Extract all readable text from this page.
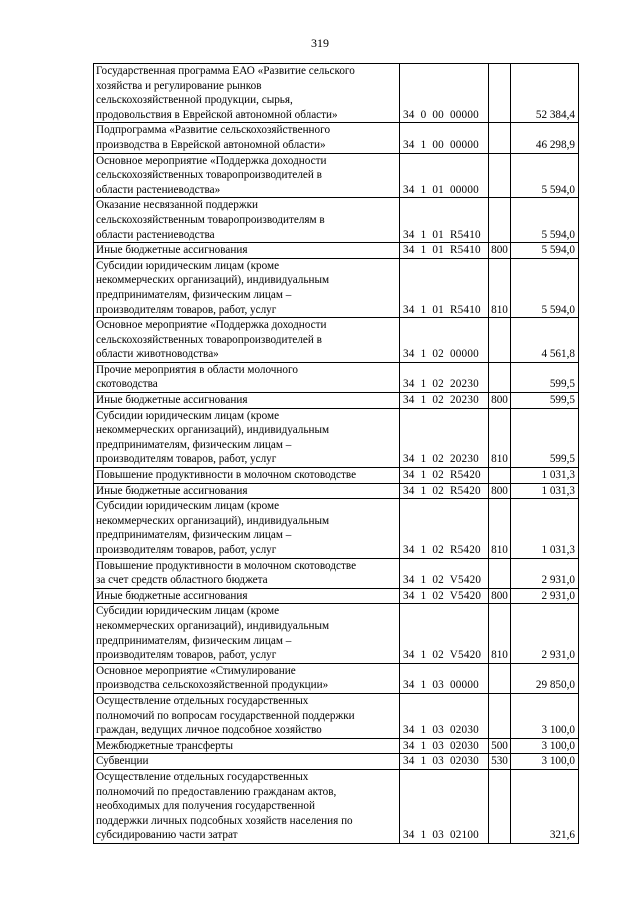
319
Государственная программа ЕАО «Развитие сельского
хозяйства и регулирование рынков
сельскохозяйственной продукции, сырья,
продовольствия в Еврейской автономной области»	34  0  00  00000		52 384,4
Подпрограмма «Развитие сельскохозяйственного
производства в Еврейской автономной области»	34  1  00  00000		46 298,9
Основное мероприятие «Поддержка доходности
сельскохозяйственных товаропроизводителей в
области растениеводства»	34  1  01  00000		5 594,0
Оказание несвязанной поддержки
сельскохозяйственным товаропроизводителям в
области растениеводства	34  1  01  R5410		5 594,0
Иные бюджетные ассигнования	34  1  01  R5410	800	5 594,0
Субсидии юридическим лицам (кроме
некоммерческих организаций), индивидуальным
предпринимателям, физическим лицам –
производителям товаров, работ, услуг	34  1  01  R5410	810	5 594,0
Основное мероприятие «Поддержка доходности
сельскохозяйственных товаропроизводителей в
области животноводства»	34  1  02  00000		4 561,8
Прочие мероприятия в области молочного
скотоводства	34  1  02  20230		599,5
Иные бюджетные ассигнования	34  1  02  20230	800	599,5
Субсидии юридическим лицам (кроме
некоммерческих организаций), индивидуальным
предпринимателям, физическим лицам –
производителям товаров, работ, услуг	34  1  02  20230	810	599,5
Повышение продуктивности в молочном скотоводстве	34  1  02  R5420		1 031,3
Иные бюджетные ассигнования	34  1  02  R5420	800	1 031,3
Субсидии юридическим лицам (кроме
некоммерческих организаций), индивидуальным
предпринимателям, физическим лицам –
производителям товаров, работ, услуг	34  1  02  R5420	810	1 031,3
Повышение продуктивности в молочном скотоводстве
за счет средств областного бюджета	34  1  02  V5420		2 931,0
Иные бюджетные ассигнования	34  1  02  V5420	800	2 931,0
Субсидии юридическим лицам (кроме
некоммерческих организаций), индивидуальным
предпринимателям, физическим лицам –
производителям товаров, работ, услуг	34  1  02  V5420	810	2 931,0
Основное мероприятие «Стимулирование
производства сельскохозяйственной продукции»	34  1  03  00000		29 850,0
Осуществление отдельных государственных
полномочий по вопросам государственной поддержки
граждан, ведущих личное подсобное хозяйство	34  1  03  02030		3 100,0
Межбюджетные трансферты	34  1  03  02030	500	3 100,0
Субвенции	34  1  03  02030	530	3 100,0
Осуществление отдельных государственных
полномочий по предоставлению гражданам актов,
необходимых для получения государственной
поддержки личных подсобных хозяйств населения по
субсидированию части затрат	34  1  03  02100		321,6
